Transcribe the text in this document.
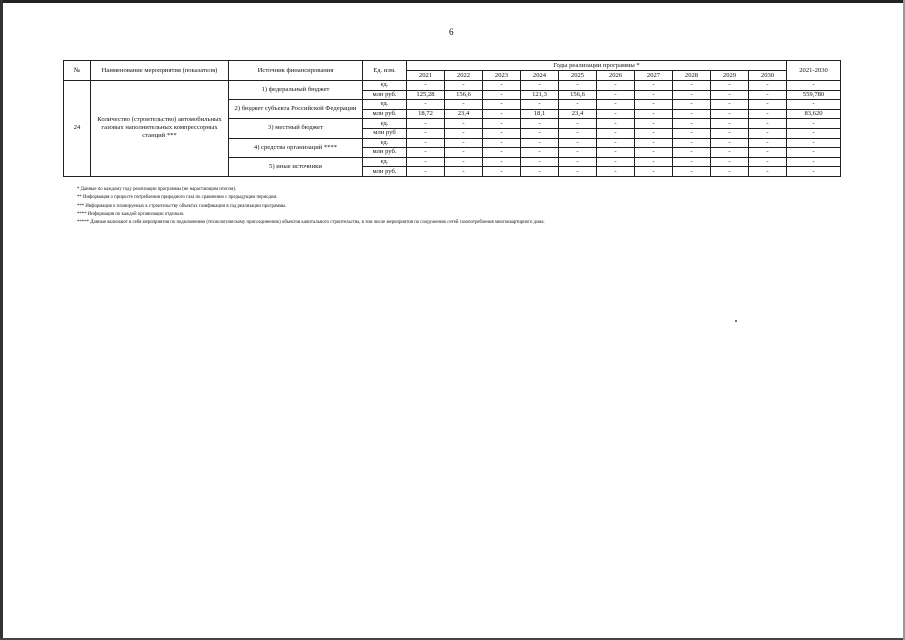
6
№	Наименование мероприятия (показателя)	Источник финансирования	Ед. изм.	Годы реализации программы *										2021-2030
				2021	2022	2023	2024	2025	2026	2027	2028	2029	2030	
24	Количество (строительство) автомобильных газовых наполнительных компрессорных станций ***	1) федеральный бюджет	ед.	-	-	-	-	-	-	-	-	-	-	-
			млн руб.	125,28	156,6	-	121,3	156,6	-	-	-	-	-	559,780
		2) бюджет субъекта Российской Федерации	ед.	-	-	-	-	-	-	-	-	-	-	-
			млн руб.	18,72	23,4	-	18,1	23,4	-	-	-	-	-	83,620
		3) местный бюджет	ед.	-	-	-	-	-	-	-	-	-	-	-
			млн руб	-	-	-	-	-	-	-	-	-	-	-
		4) средства организаций ****	ед.	-	-	-	-	-	-	-	-	-	-	-
			млн руб.	-	-	-	-	-	-	-	-	-	-	-
		5) иные источники	ед.	-	-	-	-	-	-	-	-	-	-	-
			млн руб.	-	-	-	-	-	-	-	-	-	-	-
* Данные по каждому году реализации программы (не нарастающим итогом).
** Информация о приросте потребления природного газа по сравнению с предыдущим периодом.
*** Информация о планируемых к строительству объектах газификации в год реализации программы.
**** Информация по каждой организации отдельно.
***** Данные включают в себя мероприятия по подключению (технологическому присоединению) объектов капитального строительства, в том числе мероприятия по сооружению сетей газопотребления многоквартирного дома.
